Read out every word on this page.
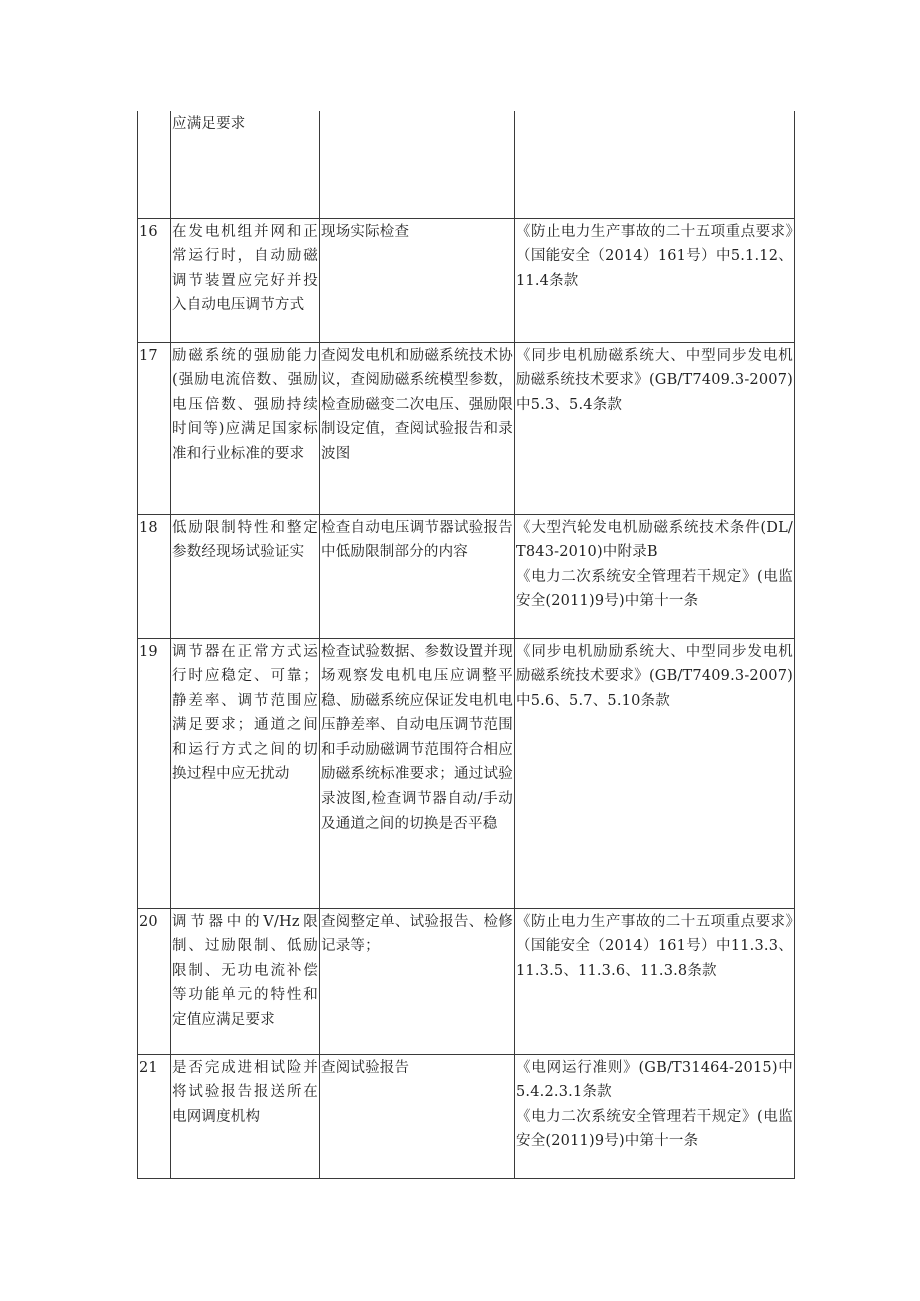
	应满足要求		
16	在发电机组并网和正常运行时，自动励磁调节装置应完好并投入自动电压调节方式	现场实际检查	《防止电力生产事故的二十五项重点要求》（国能安全（2014）161号）中5.1.12、11.4条款
17	励磁系统的强励能力(强励电流倍数、强励电压倍数、强励持续时间等)应满足国家标准和行业标准的要求	查阅发电机和励磁系统技术协议，查阅励磁系统模型参数，检查励磁变二次电压、强励限制设定值，查阅试验报告和录波图	《同步电机励磁系统大、中型同步发电机励磁系统技术要求》(GB/T7409.3-2007)中5.3、5.4条款
18	低励限制特性和整定参数经现场试验证实	检查自动电压调节器试验报告中低励限制部分的内容	《大型汽轮发电机励磁系统技术条件(DL/T843-2010)中附录B
《电力二次系统安全管理若干规定》(电监安全(2011)9号)中第十一条
19	调节器在正常方式运行时应稳定、可靠；静差率、调节范围应满足要求；通道之间和运行方式之间的切换过程中应无扰动	检查试验数据、参数设置并现场观察发电机电压应调整平稳、励磁系统应保证发电机电压静差率、自动电压调节范围和手动励磁调节范围符合相应励磁系统标准要求；通过试验录波图,检查调节器自动/手动及通道之间的切换是否平稳	《同步电机励励系统大、中型同步发电机励磁系统技术要求》(GB/T7409.3-2007)中5.6、5.7、5.10条款
20	调节器中的V/Hz限制、过励限制、低励限制、无功电流补偿等功能单元的特性和定值应满足要求	查阅整定单、试验报告、检修记录等；	《防止电力生产事故的二十五项重点要求》（国能安全（2014）161号）中11.3.3、11.3.5、11.3.6、11.3.8条款
21	是否完成进相试险并将试验报告报送所在电网调度机构	查阅试验报告	《电网运行准则》(GB/T31464-2015)中5.4.2.3.1条款
《电力二次系统安全管理若干规定》(电监安全(2011)9号)中第十一条
